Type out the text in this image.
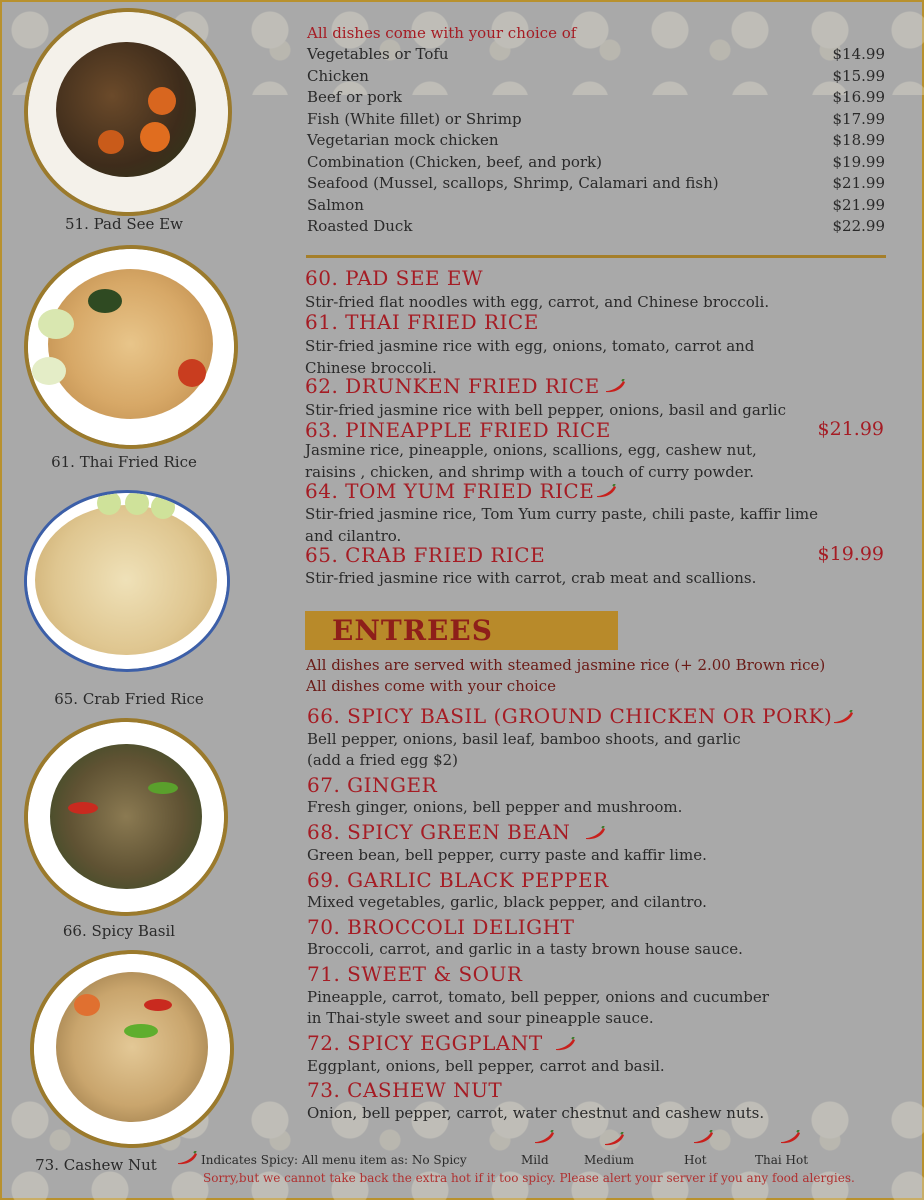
51. Pad See Ew
61. Thai Fried Rice
65. Crab Fried Rice
66. Spicy Basil
73. Cashew Nut
All dishes come with your choice of
Vegetables or Tofu	$14.99
Chicken	$15.99
Beef or pork	$16.99
Fish (White fillet) or Shrimp	$17.99
Vegetarian mock chicken	$18.99
Combination (Chicken, beef, and pork)	$19.99
Seafood (Mussel, scallops, Shrimp, Calamari and fish)	$21.99
Salmon	$21.99
Roasted Duck	$22.99
60. PAD SEE EW
Stir-fried flat noodles with egg, carrot, and Chinese broccoli.
61. THAI FRIED RICE
Stir-fried jasmine rice with egg, onions, tomato, carrot and
Chinese broccoli.
62. DRUNKEN FRIED RICE
Stir-fried jasmine rice with bell pepper, onions, basil and garlic
63. PINEAPPLE FRIED RICE	$21.99
Jasmine rice, pineapple, onions, scallions, egg, cashew nut,
raisins , chicken, and shrimp with a touch of curry powder.
64. TOM YUM FRIED RICE
Stir-fried jasmine rice, Tom Yum curry paste, chili paste, kaffir lime
and cilantro.
65. CRAB FRIED RICE	$19.99
Stir-fried jasmine rice with carrot, crab meat and scallions.
ENTREES
All dishes are served with steamed jasmine rice (+ 2.00 Brown rice)
All dishes come with your choice
66. SPICY BASIL (GROUND CHICKEN OR PORK)
Bell pepper, onions, basil leaf, bamboo shoots, and garlic
(add a fried egg $2)
67. GINGER
Fresh ginger, onions, bell pepper and mushroom.
68. SPICY GREEN BEAN
Green bean, bell pepper, curry paste and kaffir lime.
69. GARLIC BLACK PEPPER
Mixed vegetables, garlic, black pepper, and cilantro.
70. BROCCOLI DELIGHT
Broccoli, carrot, and garlic in a tasty brown house sauce.
71. SWEET & SOUR
Pineapple, carrot, tomato, bell pepper, onions and cucumber
in Thai-style sweet and sour pineapple sauce.
72. SPICY EGGPLANT
Eggplant, onions, bell pepper, carrot and basil.
73. CASHEW NUT
Onion, bell pepper, carrot, water chestnut and cashew nuts.
Indicates Spicy: All menu item as: No Spicy	Mild	Medium	Hot	Thai Hot
Sorry,but we cannot take back the extra hot if it too spicy. Please alert your server if you any food alergies.
